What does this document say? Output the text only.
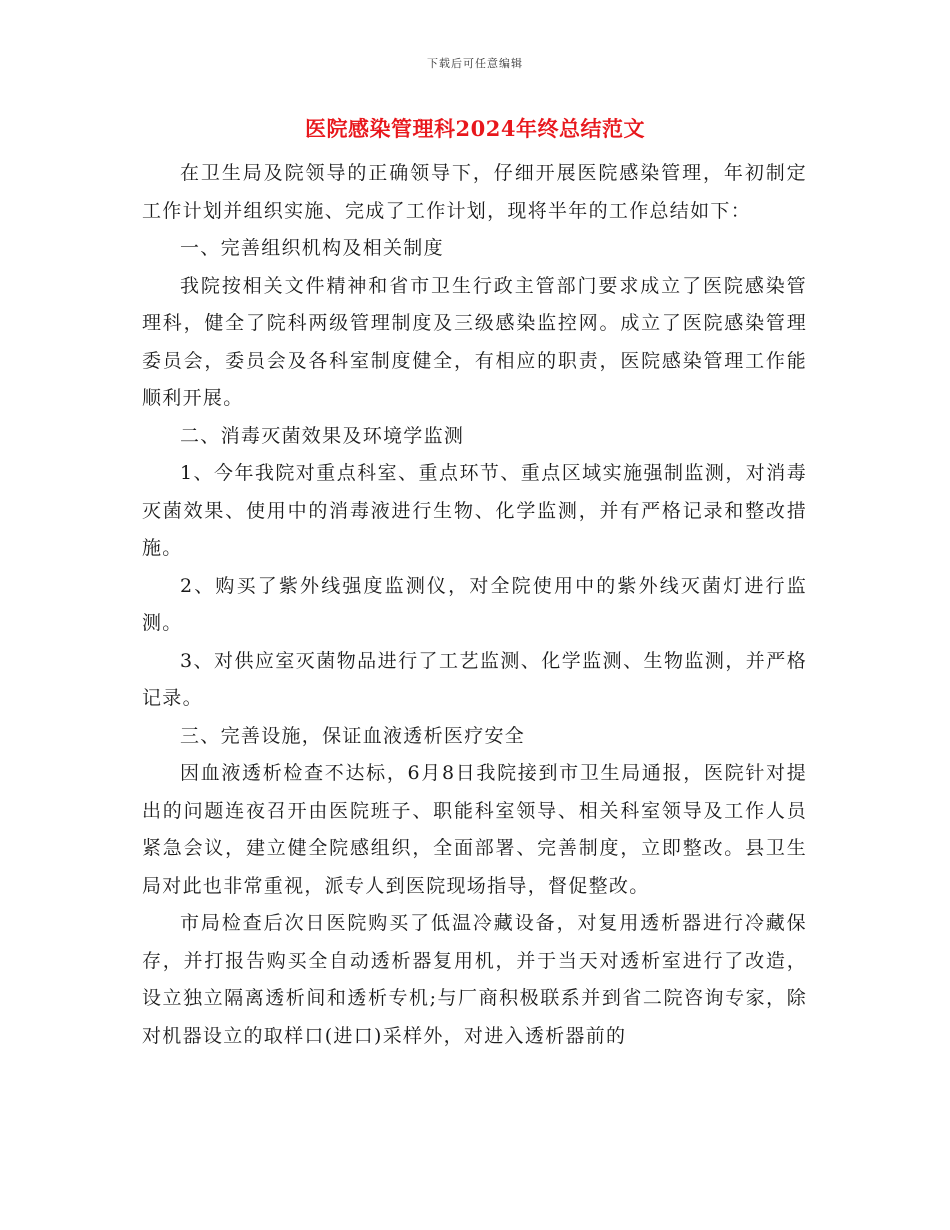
下载后可任意编辑
医院感染管理科2024年终总结范文

在卫生局及院领导的正确领导下，仔细开展医院感染管理，年初制定工作计划并组织实施、完成了工作计划，现将半年的工作总结如下：

一、完善组织机构及相关制度

我院按相关文件精神和省市卫生行政主管部门要求成立了医院感染管理科，健全了院科两级管理制度及三级感染监控网。成立了医院感染管理委员会，委员会及各科室制度健全，有相应的职责，医院感染管理工作能顺利开展。

二、消毒灭菌效果及环境学监测

1、今年我院对重点科室、重点环节、重点区域实施强制监测，对消毒灭菌效果、使用中的消毒液进行生物、化学监测，并有严格记录和整改措施。

2、购买了紫外线强度监测仪，对全院使用中的紫外线灭菌灯进行监测。

3、对供应室灭菌物品进行了工艺监测、化学监测、生物监测，并严格记录。

三、完善设施，保证血液透析医疗安全

因血液透析检查不达标，6月8日我院接到市卫生局通报，医院针对提出的问题连夜召开由医院班子、职能科室领导、相关科室领导及工作人员紧急会议，建立健全院感组织，全面部署、完善制度，立即整改。县卫生局对此也非常重视，派专人到医院现场指导，督促整改。

市局检查后次日医院购买了低温冷藏设备，对复用透析器进行冷藏保存，并打报告购买全自动透析器复用机，并于当天对透析室进行了改造，设立独立隔离透析间和透析专机;与厂商积极联系并到省二院咨询专家，除对机器设立的取样口(进口)采样外，对进入透析器前的
